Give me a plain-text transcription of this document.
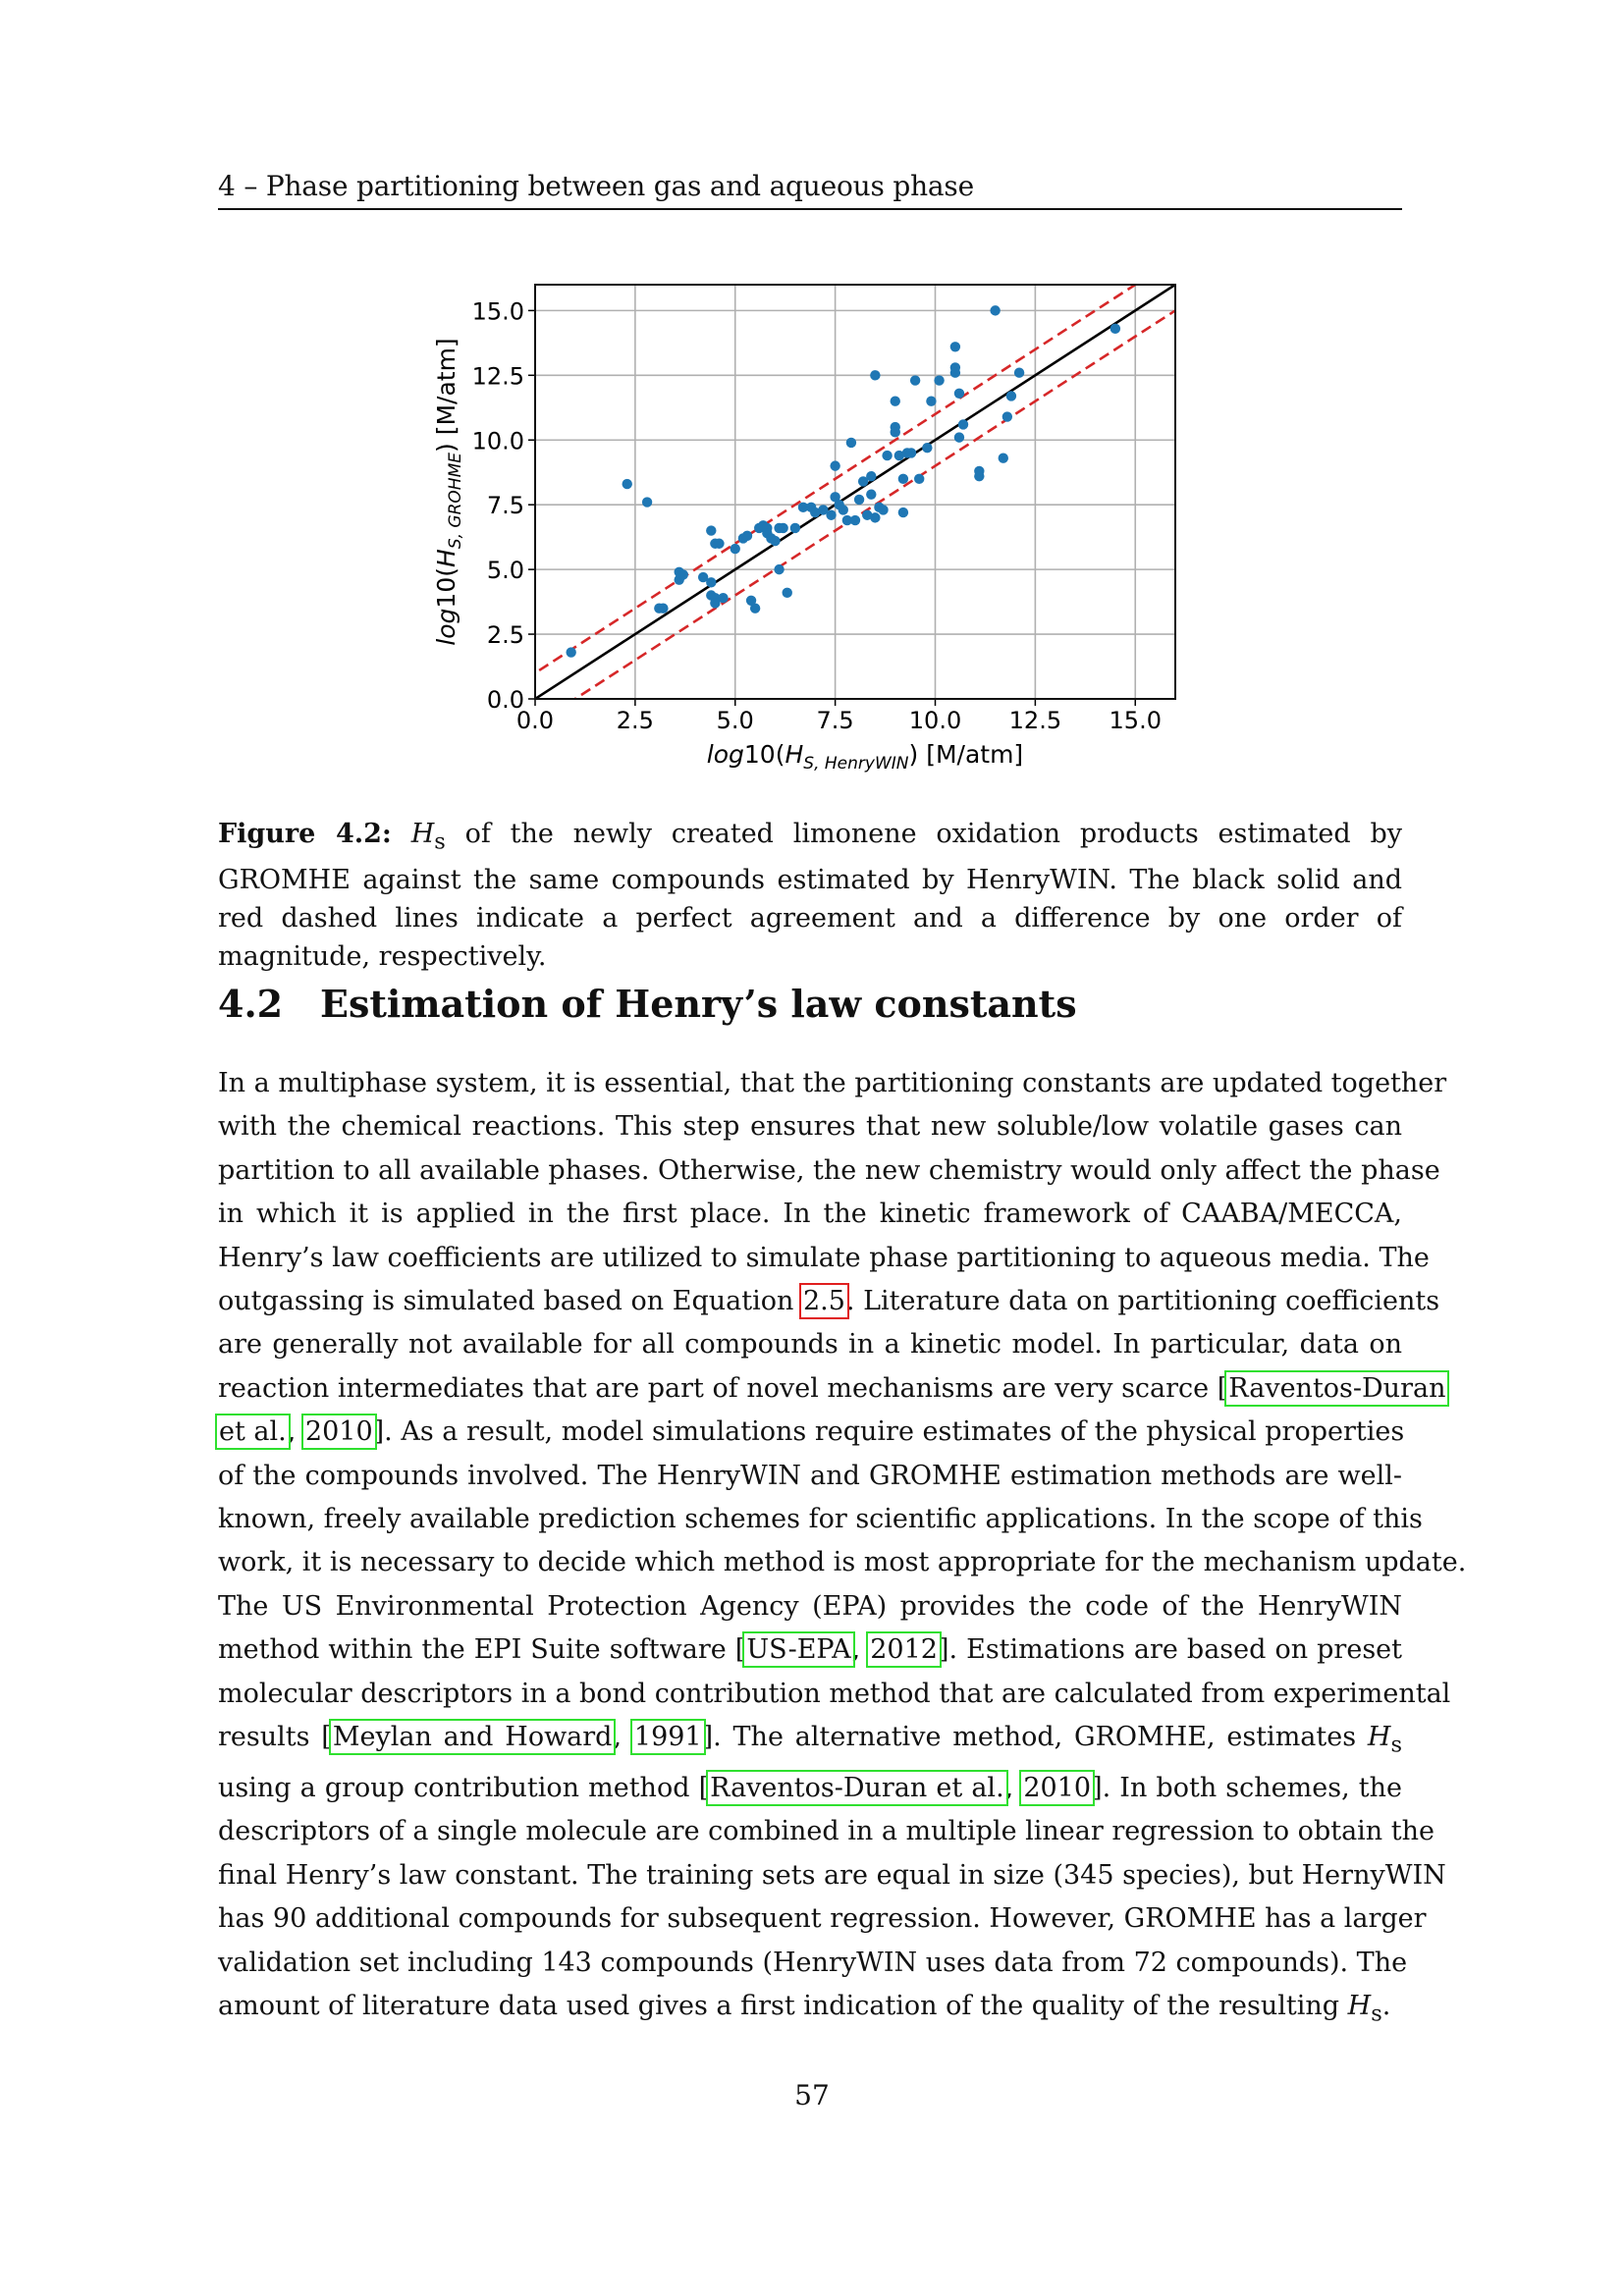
4 – Phase partitioning between gas and aqueous phase
0.0	2.5	5.0	7.5 10.0 12.5 15.0
0.0
2.5
5.0
7.5
10.0
12.5
15.0
$\log 10(H_{S, HenryWIN})$ [M/atm]
$\log 10(H_{S, GROHME})$ [M/atm]
Figure 4.2: $H_s$ of the newly created limonene oxidation products estimated by GROMHE against the same compounds estimated by HenryWIN. The black solid and red dashed lines indicate a perfect agreement and a difference by one order of magnitude, respectively.
4.2 Estimation of Henry’s law constants
In a multiphase system, it is essential, that the partitioning constants are updated together
with the chemical reactions. This step ensures that new soluble/low volatile gases can
partition to all available phases. Otherwise, the new chemistry would only affect the phase
in which it is applied in the first place. In the kinetic framework of CAABA/MECCA,
Henry’s law coefficients are utilized to simulate phase partitioning to aqueous media. The
outgassing is simulated based on Equation 2.5. Literature data on partitioning coefficients
are generally not available for all compounds in a kinetic model. In particular, data on
reaction intermediates that are part of novel mechanisms are very scarce [Raventos-Duran
et al., 2010]. As a result, model simulations require estimates of the physical properties
of the compounds involved. The HenryWIN and GROMHE estimation methods are well-
known, freely available prediction schemes for scientific applications. In the scope of this
work, it is necessary to decide which method is most appropriate for the mechanism update.
The US Environmental Protection Agency (EPA) provides the code of the HenryWIN
method within the EPI Suite software [US-EPA, 2012]. Estimations are based on preset
molecular descriptors in a bond contribution method that are calculated from experimental
results [Meylan and Howard, 1991]. The alternative method, GROMHE, estimates $H_s$
using a group contribution method [Raventos-Duran et al., 2010]. In both schemes, the
descriptors of a single molecule are combined in a multiple linear regression to obtain the
final Henry’s law constant. The training sets are equal in size (345 species), but HernyWIN
has 90 additional compounds for subsequent regression. However, GROMHE has a larger
validation set including 143 compounds (HenryWIN uses data from 72 compounds). The
amount of literature data used gives a first indication of the quality of the resulting $H_s$.
57
